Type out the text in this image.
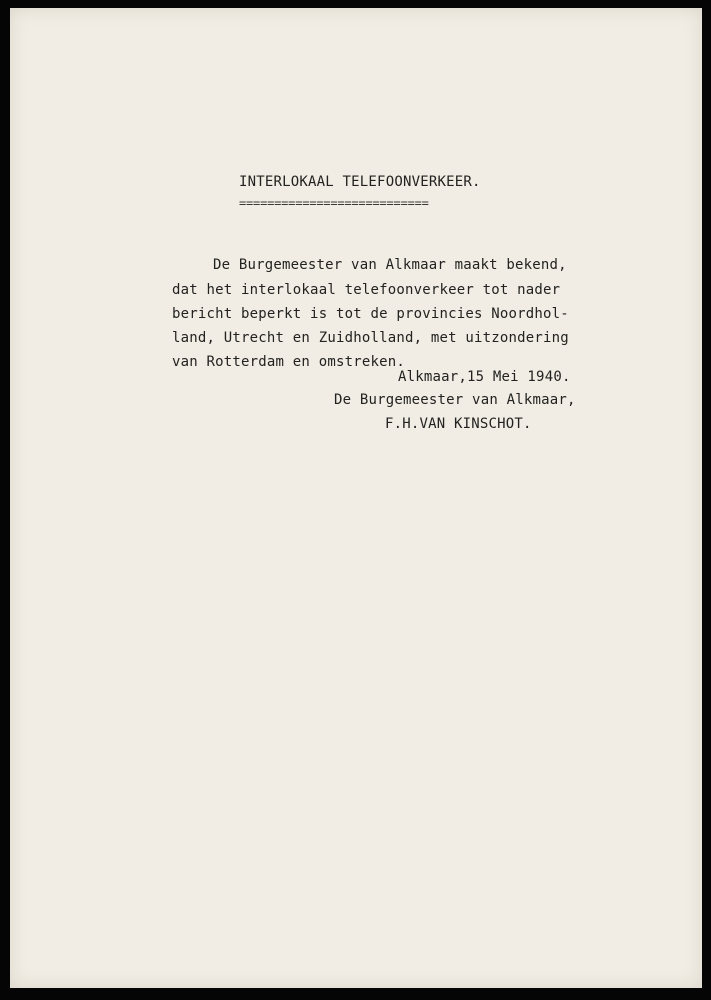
INTERLOKAAL TELEFOONVERKEER.
===========================
De Burgemeester van Alkmaar maakt bekend,
dat het interlokaal telefoonverkeer tot nader
bericht beperkt is tot de provincies Noordhol-
land, Utrecht en Zuidholland, met uitzondering
van Rotterdam en omstreken.
Alkmaar,15 Mei 1940.
De Burgemeester van Alkmaar,
F.H.VAN KINSCHOT.
